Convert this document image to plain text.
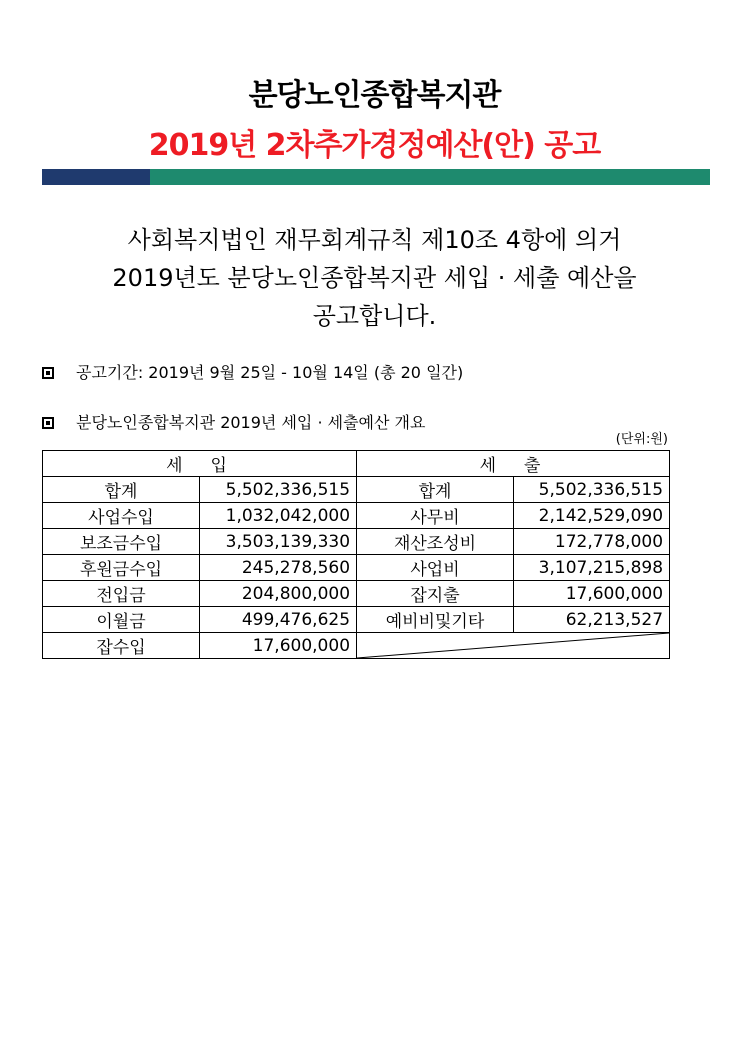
분당노인종합복지관
2019년 2차추가경정예산(안) 공고
사회복지법인 재무회계규칙 제10조 4항에 의거
2019년도 분당노인종합복지관 세입 · 세출 예산을
공고합니다.
공고기간: 2019년 9월 25일 - 10월 14일 (총 20 일간)
분당노인종합복지관 2019년 세입 · 세출예산 개요
(단위:원)
세입		세출	
합계	5,502,336,515	합계	5,502,336,515
사업수입	1,032,042,000	사무비	2,142,529,090
보조금수입	3,503,139,330	재산조성비	172,778,000
후원금수입	245,278,560	사업비	3,107,215,898
전입금	204,800,000	잡지출	17,600,000
이월금	499,476,625	예비비및기타	62,213,527
잡수입	17,600,000	
